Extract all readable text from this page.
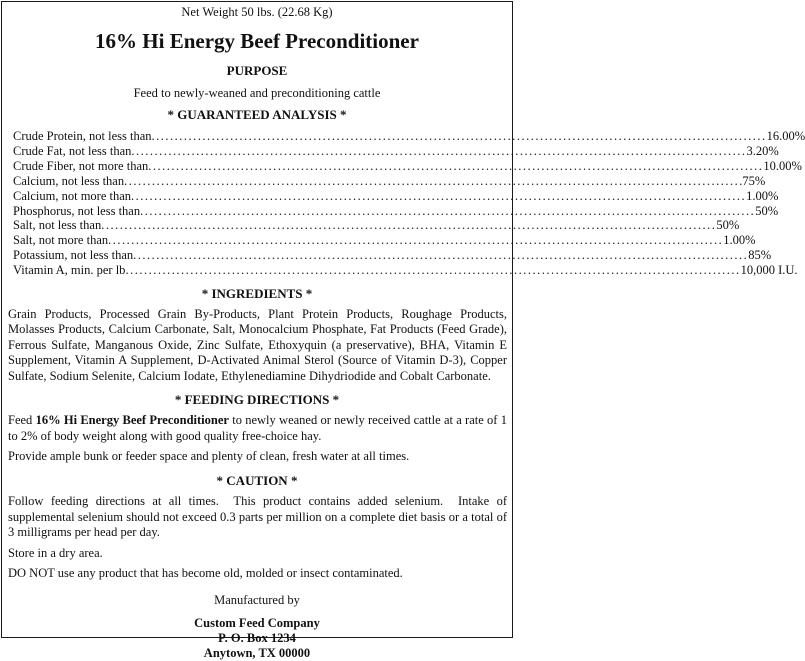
Net Weight 50 lbs. (22.68 Kg)
16% Hi Energy Beef Preconditioner
PURPOSE
Feed to newly-weaned and preconditioning cattle
* GUARANTEED ANALYSIS *
Crude Protein, not less than .....	16.00%
Crude Fat, not less than .....	3.20%
Crude Fiber, not more than .....	10.00%
Calcium, not less than .....	.75%
Calcium, not more than .....	1.00%
Phosphorus, not less than .....	50%
Salt, not less than .....	50%
Salt, not more than .....	1.00%
Potassium, not less than .....	85%
Vitamin A, min. per lb .....	10,000 I.U.
* INGREDIENTS *

Grain Products, Processed Grain By-Products, Plant Protein Products, Roughage Products, Molasses Products, Calcium Carbonate, Salt, Monocalcium Phosphate, Fat Products (Feed Grade), Ferrous Sulfate, Manganous Oxide, Zinc Sulfate, Ethoxyquin (a preservative), BHA, Vitamin E Supplement, Vitamin A Supplement, D-Activated Animal Sterol (Source of Vitamin D-3), Copper Sulfate, Sodium Selenite, Calcium Iodate, Ethylenediamine Dihydriodide and Cobalt Carbonate.

* FEEDING DIRECTIONS *

Feed 16% Hi Energy Beef Preconditioner to newly weaned or newly received cattle at a rate of 1 to 2% of body weight along with good quality free-choice hay.

Provide ample bunk or feeder space and plenty of clean, fresh water at all times.

* CAUTION *

Follow feeding directions at all times.  This product contains added selenium.  Intake of supplemental selenium should not exceed 0.3 parts per million on a complete diet basis or a total of 3 milligrams per head per day.

Store in a dry area.

DO NOT use any product that has become old, molded or insect contaminated.

Manufactured by
Custom Feed Company
P. O. Box 1234
Anytown, TX 00000
